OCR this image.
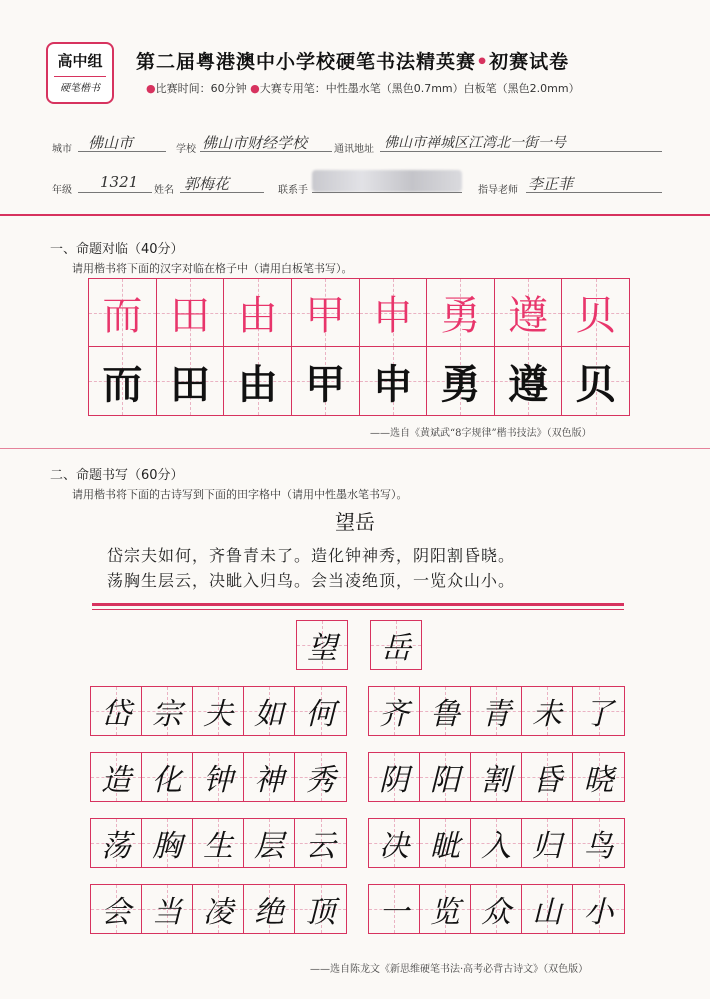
高中组
硬笔楷书
第二届粤港澳中小学校硬笔书法精英赛•初赛试卷
●比赛时间：60分钟 ●大赛专用笔：中性墨水笔（黑色0.7mm）白板笔（黑色2.0mm）
城市 佛山市	学校 佛山市财经学校	通讯地址 佛山市禅城区江湾北一街一号
年级 1321 姓名 郭梅花	联系手	指导老师 李正菲
一、命题对临（40分）
请用楷书将下面的汉字对临在格子中（请用白板笔书写）。
而 田 由 甲 申 勇 遵 贝
而 田 由 甲 申 勇 遵 贝
——选自《黄斌武“8字规律”楷书技法》（双色版）
二、命题书写（60分）
请用楷书将下面的古诗写到下面的田字格中（请用中性墨水笔书写）。
望岳
岱宗夫如何，齐鲁青未了。造化钟神秀，阴阳割昏晓。
荡胸生层云，决眦入归鸟。会当凌绝顶，一览众山小。
望 岳
岱 宗 夫 如 何 齐 鲁 青 未 了
造 化 钟 神 秀 阴 阳 割 昏 晓
荡 胸 生 层 云 决 眦 入 归 鸟
会 当 凌 绝 顶 一 览 众 山 小
——选自陈龙文《新思维硬笔书法·高考必背古诗文》（双色版）
